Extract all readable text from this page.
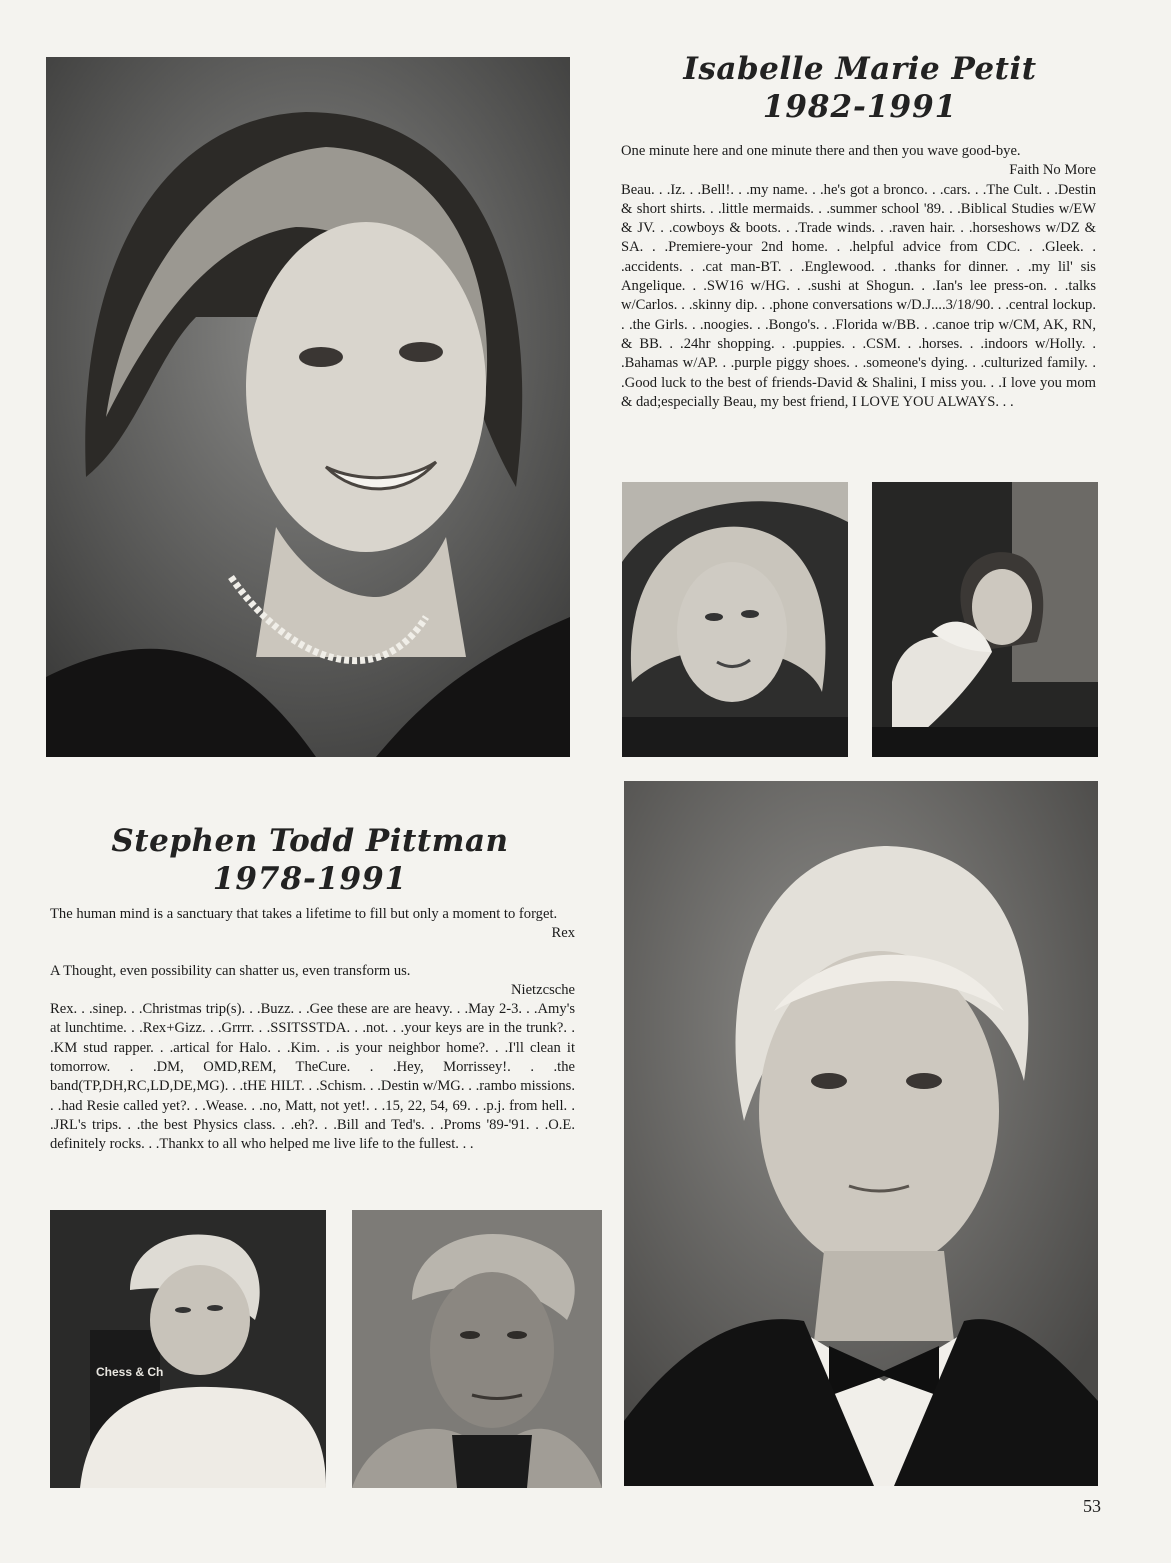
Isabelle Marie Petit
1982-1991

One minute here and one minute there and then you wave good-bye.

Faith No More

Beau. . .Iz. . .Bell!. . .my name. . .he's got a bronco. . .cars. . .The Cult. . .Destin & short shirts. . .little mermaids. . .summer school '89. . .Biblical Studies w/EW & JV. . .cowboys & boots. . .Trade winds. . .raven hair. . .horseshows w/DZ & SA. . .Premiere-your 2nd home. . .helpful advice from CDC. . .Gleek. . .accidents. . .cat man-BT. . .Englewood. . .thanks for dinner. . .my lil' sis Angelique. . .SW16 w/HG. . .sushi at Shogun. . .Ian's lee press-on. . .talks w/Carlos. . .skinny dip. . .phone conversations w/D.J....3/18/90. . .central lockup. . .the Girls. . .noogies. . .Bongo's. . .Florida w/BB. . .canoe trip w/CM, AK, RN, & BB. . .24hr shopping. . .puppies. . .CSM. . .horses. . .indoors w/Holly. . .Bahamas w/AP. . .purple piggy shoes. . .someone's dying. . .culturized family. . .Good luck to the best of friends-David & Shalini, I miss you. . .I love you mom & dad;especially Beau, my best friend, I LOVE YOU ALWAYS. . .

Stephen Todd Pittman
1978-1991

The human mind is a sanctuary that takes a lifetime to fill but only a moment to forget.

Rex

A Thought, even possibility can shatter us, even transform us.

Nietzcsche

Rex. . .sinep. . .Christmas trip(s). . .Buzz. . .Gee these are are heavy. . .May 2-3. . .Amy's at lunchtime. . .Rex+Gizz. . .Grrrr. . .SSITSSTDA. . .not. . .your keys are in the trunk?. . .KM stud rapper. . .artical for Halo. . .Kim. . .is your neighbor home?. . .I'll clean it tomorrow. . .DM, OMD,REM, TheCure. . .Hey, Morrissey!. . .the band(TP,DH,RC,LD,DE,MG). . .tHE HILT. . .Schism. . .Destin w/MG. . .rambo missions. . .had Resie called yet?. . .Wease. . .no, Matt, not yet!. . .15, 22, 54, 69. . .p.j. from hell. . .JRL's trips. . .the best Physics class. . .eh?. . .Bill and Ted's. . .Proms '89-'91. . .O.E. definitely rocks. . .Thankx to all who helped me live life to the fullest. . .

Chess & Ch
53
